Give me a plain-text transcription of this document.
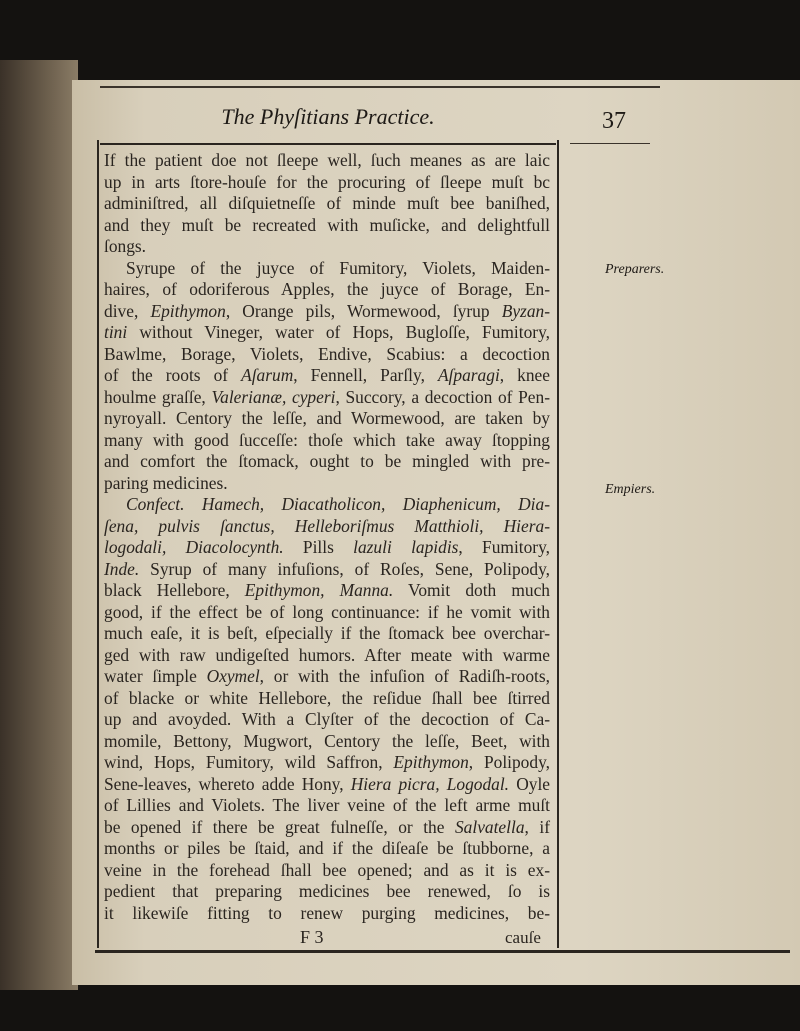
The Phyſitians Practice.	37
If the patient doe not ſleepe well, ſuch meanes as are laic
up in arts ſtore-houſe for the procuring of ſleepe muſt bc
adminiſtred, all diſquietneſſe of minde muſt bee baniſhed,
and they muſt be recreated with muſicke, and delightfull
ſongs.
Syrupe of the juyce of Fumitory, Violets, Maiden-
haires, of odoriferous Apples, the juyce of Borage, En-
dive, Epithymon, Orange pils, Wormewood, ſyrup Byzan-
tini without Vineger, water of Hops, Bugloſſe, Fumitory,
Bawlme, Borage, Violets, Endive, Scabius: a decoction
of the roots of Aſarum, Fennell, Parſly, Aſparagi, knee
houlme graſſe, Valerianæ, cyperi, Succory, a decoction of Pen-
nyroyall. Centory the leſſe, and Wormewood, are taken by
many with good ſucceſſe: thoſe which take away ſtopping
and comfort the ſtomack, ought to be mingled with pre-
paring medicines.
Confect. Hamech, Diacatholicon, Diaphenicum, Dia-
ſena, pulvis ſanctus, Helleboriſmus Matthioli, Hiera-
logodali, Diacolocynth. Pills lazuli lapidis, Fumitory,
Inde. Syrup of many infuſions, of Roſes, Sene, Polipody,
black Hellebore, Epithymon, Manna. Vomit doth much
good, if the effect be of long continuance: if he vomit with
much eaſe, it is beſt, eſpecially if the ſtomack bee overchar-
ged with raw undigeſted humors. After meate with warme
water ſimple Oxymel, or with the infuſion of Radiſh-roots,
of blacke or white Hellebore, the reſidue ſhall bee ſtirred
up and avoyded. With a Clyſter of the decoction of Ca-
momile, Bettony, Mugwort, Centory the leſſe, Beet, with
wind, Hops, Fumitory, wild Saffron, Epithymon, Polipody,
Sene-leaves, whereto adde Hony, Hiera picra, Logodal. Oyle
of Lillies and Violets. The liver veine of the left arme muſt
be opened if there be great fulneſſe, or the Salvatella, if
months or piles be ſtaid, and if the diſeaſe be ſtubborne, a
veine in the forehead ſhall bee opened; and as it is ex-
pedient that preparing medicines bee renewed, ſo is
it likewiſe fitting to renew purging medicines, be-
Preparers.
Empiers.
F 3	cauſe
